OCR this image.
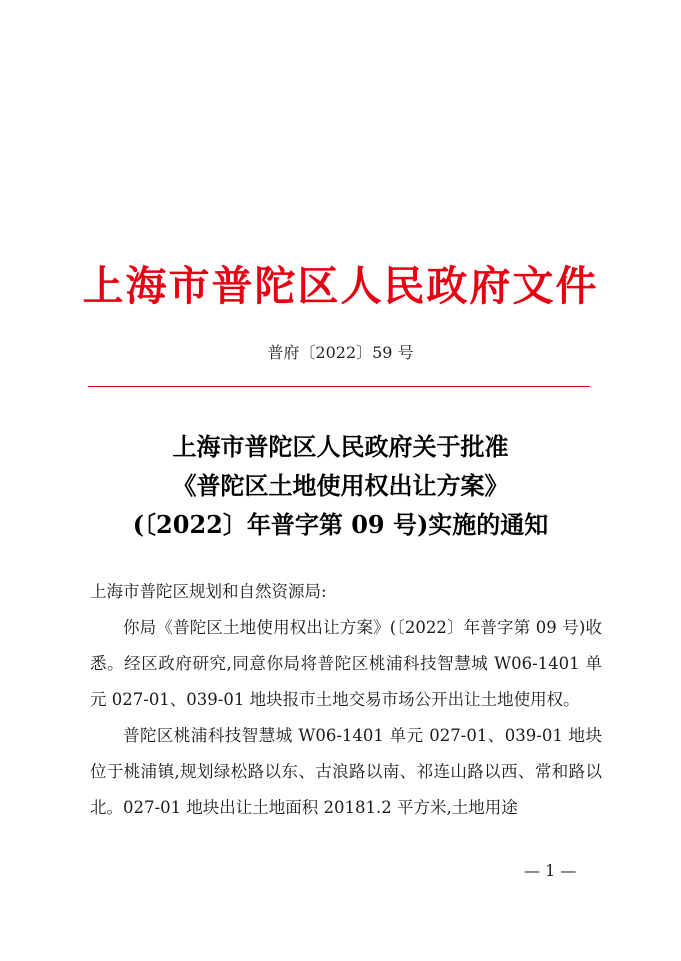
上海市普陀区人民政府文件
普府〔2022〕59 号
上海市普陀区人民政府关于批准
《普陀区土地使用权出让方案》
(〔2022〕年普字第 09 号)实施的通知
上海市普陀区规划和自然资源局:
你局《普陀区土地使用权出让方案》(〔2022〕年普字第 09 号)收悉。经区政府研究,同意你局将普陀区桃浦科技智慧城 W06-1401 单元 027-01、039-01 地块报市土地交易市场公开出让土地使用权。
普陀区桃浦科技智慧城 W06-1401 单元 027-01、039-01 地块位于桃浦镇,规划绿松路以东、古浪路以南、祁连山路以西、常和路以北。027-01 地块出让土地面积 20181.2 平方米,土地用途
— 1 —
